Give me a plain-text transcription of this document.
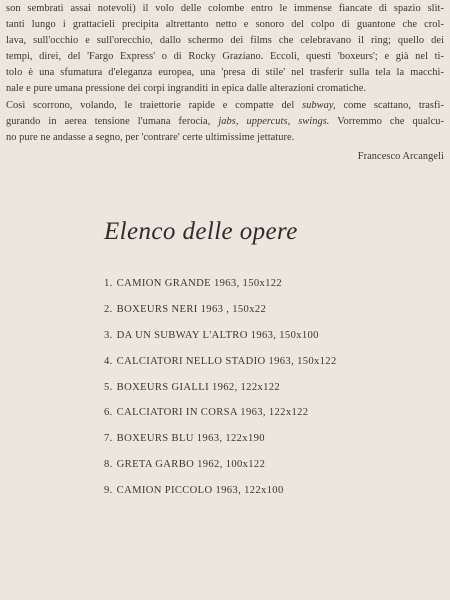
son sembrati assai notevoli) il volo delle colombe entro le immense fiancate di spazio slit-
tanti lungo i grattacieli precipita altrettanto netto e sonoro del colpo di guantone che crol-
lava, sull'occhio e sull'orecchio, dallo schermo dei films che celebravano il ring; quello dei
tempi, direi, del 'Fargo Express' o di Rocky Graziano. Eccoli, questi 'boxeurs'; e già nel ti-
tolo è una sfumatura d'eleganza europea, una 'presa di stile' nel trasferir sulla tela la macchi-
nale e pure umana pressione dei corpi ingranditi in epica dalle alterazioni cromatiche.
Così scorrono, volando, le traiettorie rapide e compatte del subway, come scattano, trasfi-
gurando in aerea tensione l'umana ferocia, jabs, uppercuts, swings. Vorremmo che qualcu-
no pure ne andasse a segno, per 'contrare' certe ultimissime jettature.
Francesco Arcangeli
Elenco delle opere
1. CAMION GRANDE 1963, 150x122
2. BOXEURS NERI 1963 , 150x22
3. DA UN SUBWAY L'ALTRO 1963, 150x100
4. CALCIATORI NELLO STADIO 1963, 150x122
5. BOXEURS GIALLI 1962, 122x122
6. CALCIATORI IN CORSA 1963, 122x122
7. BOXEURS BLU 1963, 122x190
8. GRETA GARBO 1962, 100x122
9. CAMION PICCOLO 1963, 122x100
